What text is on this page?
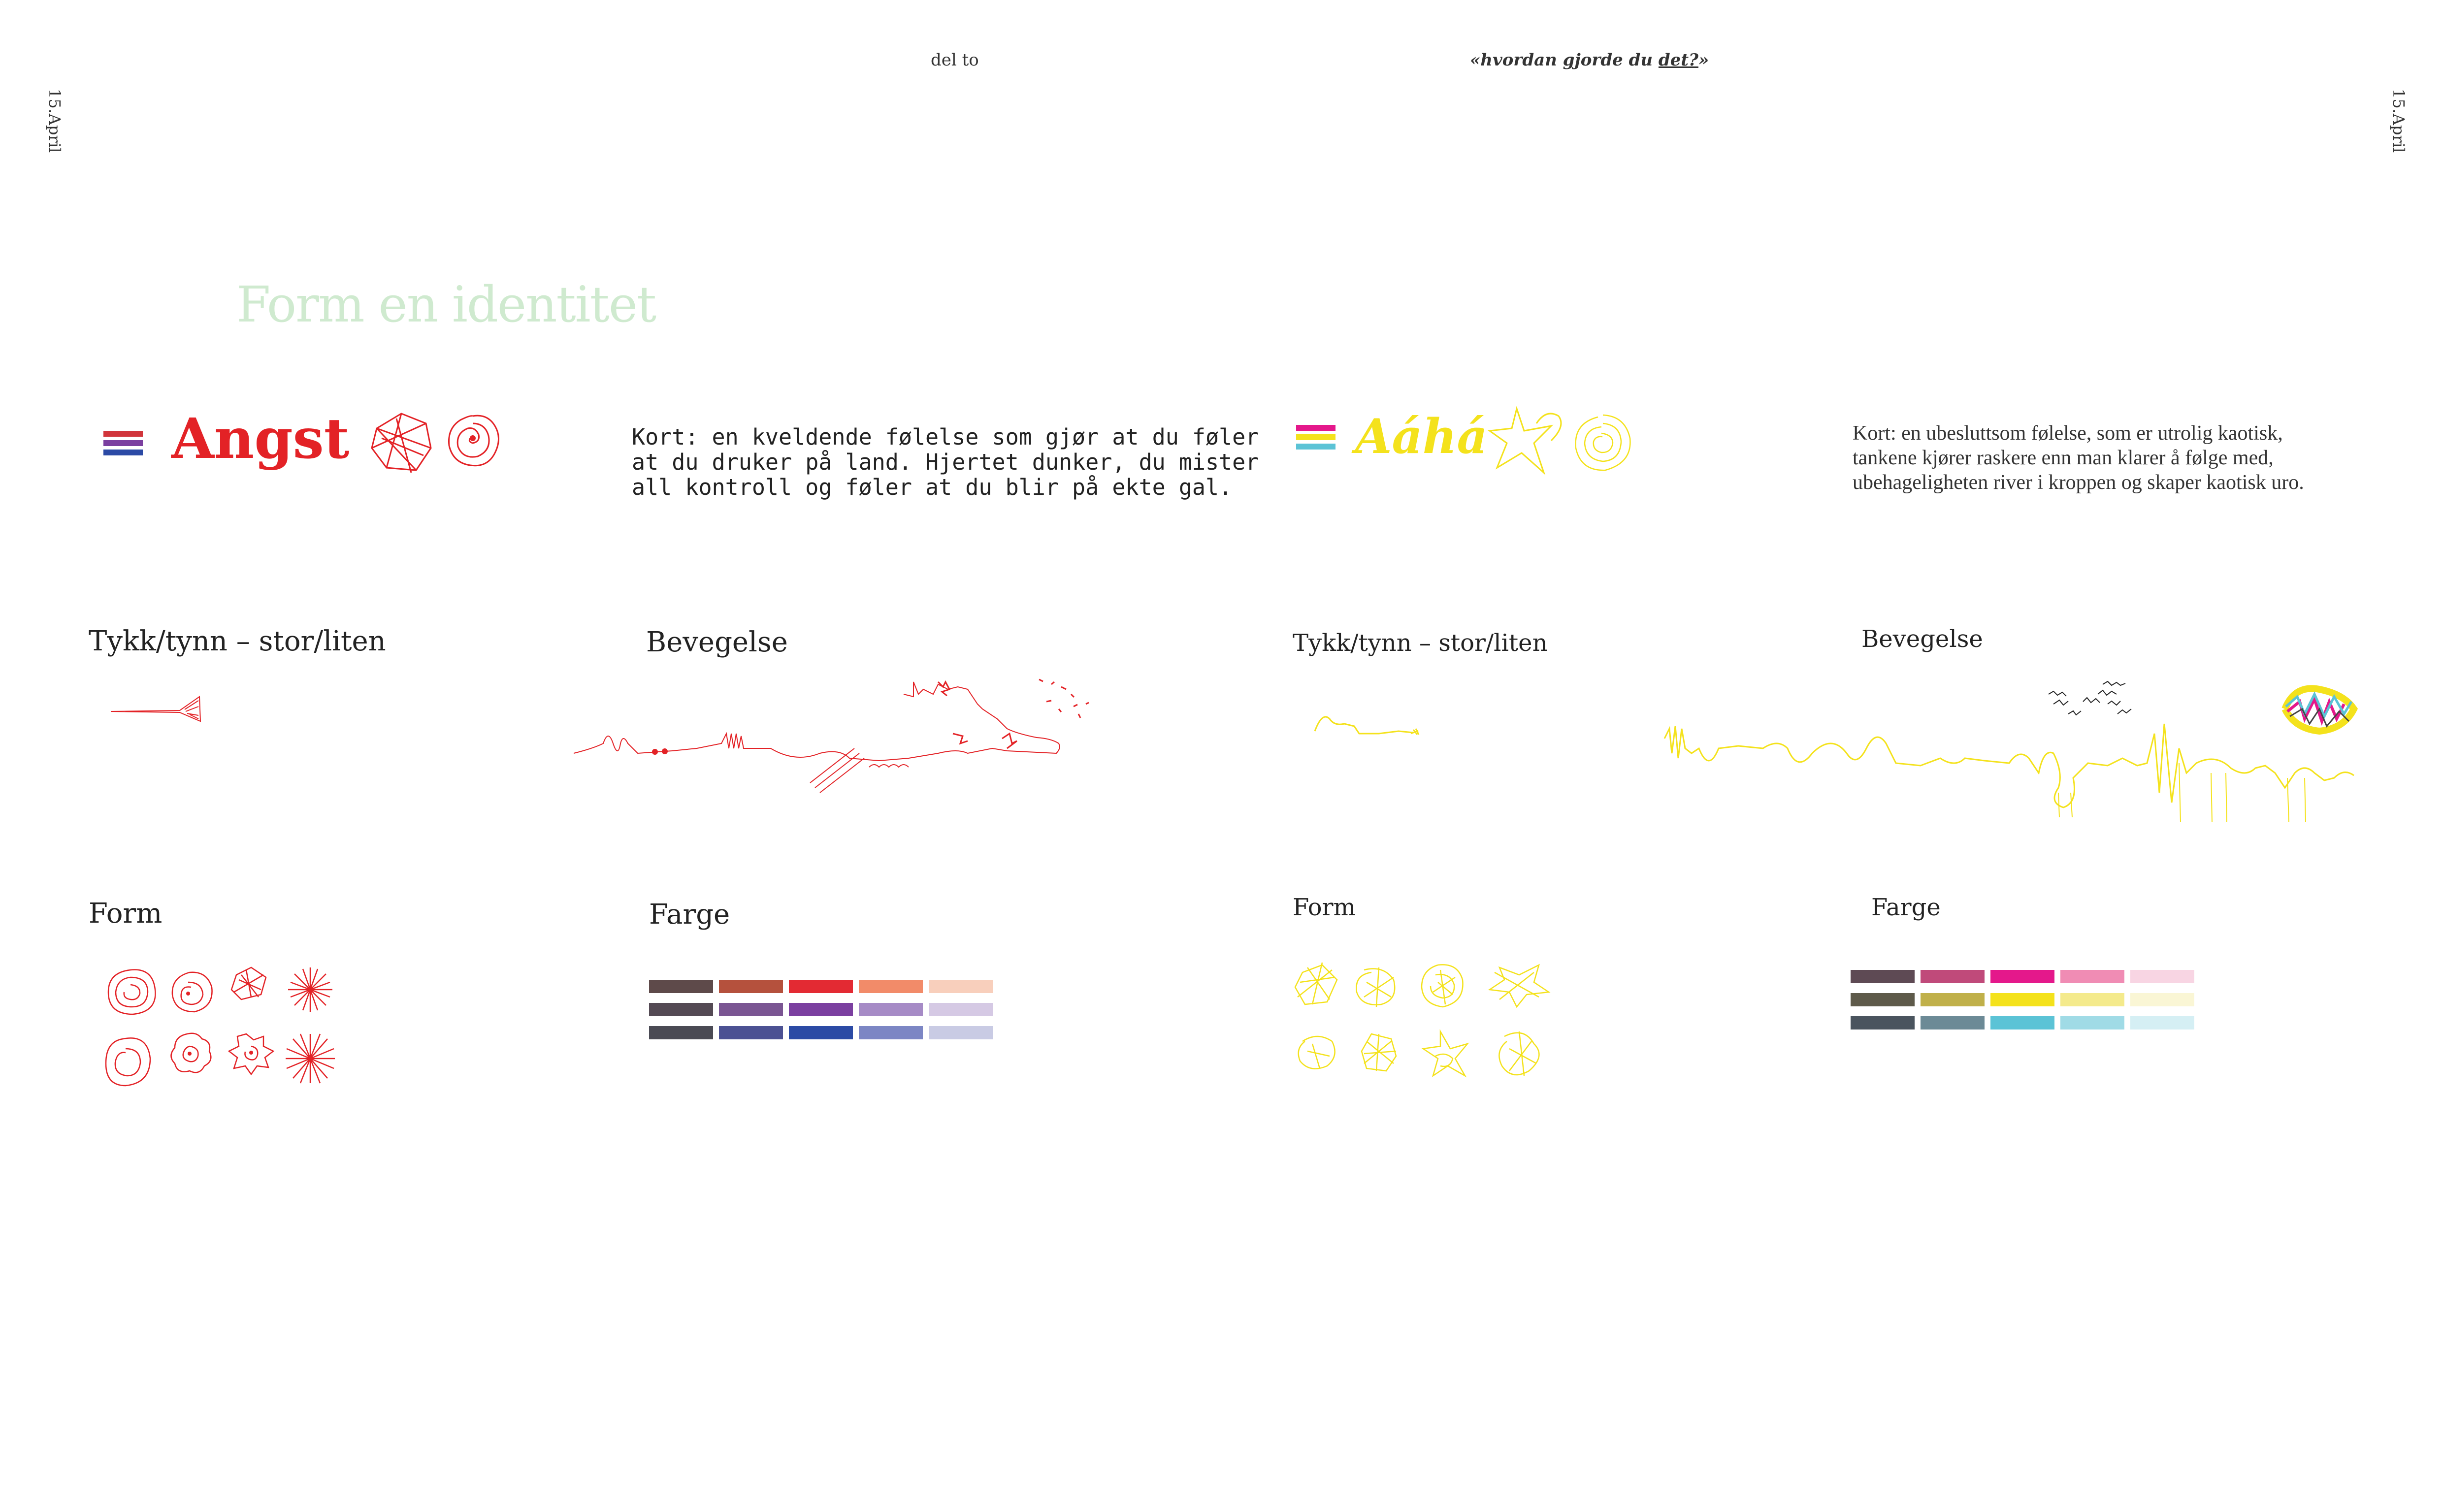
15.April	15.April
del to	«hvordan gjorde du det?»
Form en identitet
Angst	Kort: en kveldende følelse som gjør at du føler
at du druker på land. Hjertet dunker, du mister
all kontroll og føler at du blir på ekte gal.
Tykk/tynn – stor/liten	Bevegelse
Form	Farge
Aáhá	Kort: en ubesluttsom følelse, som er utrolig kaotisk,
tankene kjører raskere enn man klarer å følge med,
ubehageligheten river i kroppen og skaper kaotisk uro.
Tykk/tynn – stor/liten	Bevegelse
Form	Farge
